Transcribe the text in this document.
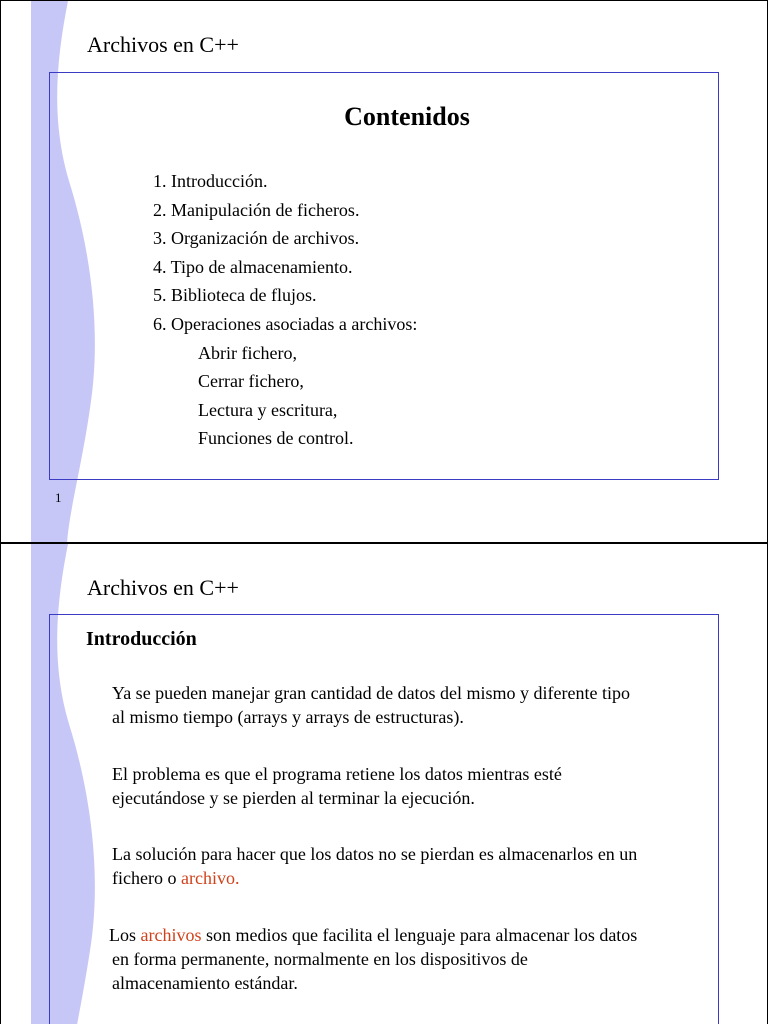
Archivos en C++
Contenidos
1. Introducción.
2. Manipulación de ficheros.
3. Organización de archivos.
4. Tipo de almacenamiento.
5. Biblioteca de flujos.
6. Operaciones asociadas a archivos:
Abrir fichero,
Cerrar fichero,
Lectura y escritura,
Funciones de control.
1
Archivos en C++
Introducción
Ya se pueden manejar gran cantidad de datos del mismo y diferente tipo
al mismo tiempo (arrays y arrays de estructuras).
El problema es que el programa retiene los datos mientras esté
ejecutándose y se pierden al terminar la ejecución.
La solución para hacer que los datos no se pierdan es almacenarlos en un
fichero o archivo.
Los archivos son medios que facilita el lenguaje para almacenar los datos
en forma permanente, normalmente en los dispositivos de
almacenamiento estándar.
